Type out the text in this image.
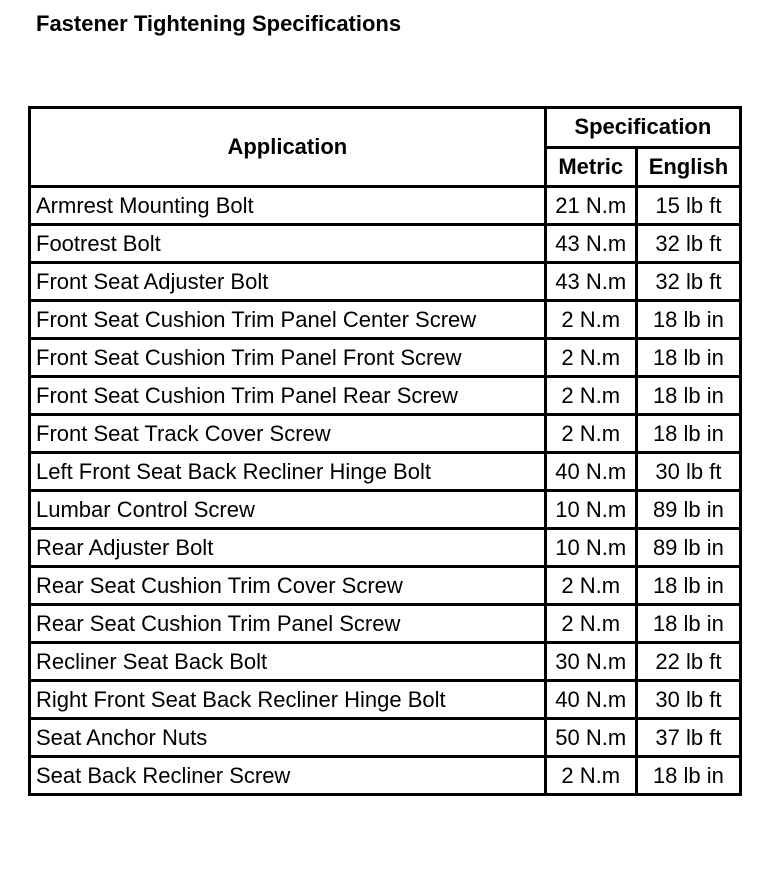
Fastener Tightening Specifications
Application	Specification	
	Metric	English
Armrest Mounting Bolt	21 N.m	15 lb ft
Footrest Bolt	43 N.m	32 lb ft
Front Seat Adjuster Bolt	43 N.m	32 lb ft
Front Seat Cushion Trim Panel Center Screw	2 N.m	18 lb in
Front Seat Cushion Trim Panel Front Screw	2 N.m	18 lb in
Front Seat Cushion Trim Panel Rear Screw	2 N.m	18 lb in
Front Seat Track Cover Screw	2 N.m	18 lb in
Left Front Seat Back Recliner Hinge Bolt	40 N.m	30 lb ft
Lumbar Control Screw	10 N.m	89 lb in
Rear Adjuster Bolt	10 N.m	89 lb in
Rear Seat Cushion Trim Cover Screw	2 N.m	18 lb in
Rear Seat Cushion Trim Panel Screw	2 N.m	18 lb in
Recliner Seat Back Bolt	30 N.m	22 lb ft
Right Front Seat Back Recliner Hinge Bolt	40 N.m	30 lb ft
Seat Anchor Nuts	50 N.m	37 lb ft
Seat Back Recliner Screw	2 N.m	18 lb in
